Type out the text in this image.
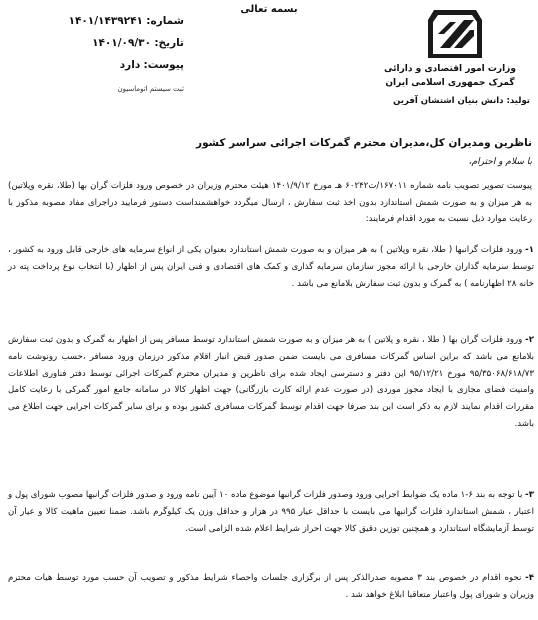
بسمه تعالی
شماره: ۱۴۰۱/۱۴۳۹۲۴۱
تاریخ: ۱۴۰۱/۰۹/۳۰
پیوست: دارد
ثبت سیستم اتوماسیون
وزارت امور اقتصادی و دارائی
گمرک جمهوری اسلامی ایران
تولید: دانش بنیان اشتشان آفرین
ناظرین ومدیران کل،مدیران محترم گمرکات اجرائی سراسر کشور
با سلام و احترام،
پیوست تصویر تصویب نامه شماره ۱۶۷۰۱۱/ت۶۰۲۴۲ هـ مورخ ۱۴۰۱/۹/۱۲ هیئت محترم وزیران در خصوص ورود فلزات گران بها (طلا، نقره وپلاتین) به هر میزان و به صورت شمش استاندارد بدون اخذ ثبت سفارش ، ارسال میگردد خواهشمنداست دستور فرمایید دراجرای مفاد مصوبه مذکور با رعایت موارد ذیل نسبت به مورد اقدام فرمایند:
۱- ورود فلزات گرانبها ( طلا، نقره وپلاتین ) به هر میزان و به صورت شمش استاندارد بعنوان یکی از انواع سرمایه های خارجی قابل ورود به کشور ، توسط سرمایه گذاران خارجی با ارائه مجوز سازمان سرمایه گذاری و کمک های اقتصادی و فنی ایران پس از اظهار (با انتخاب نوع پرداخت پته در خانه ۲۸ اظهارنامه ) به گمرک و بدون ثبت سفارش بلامانع می باشد .
۲- ورود فلزات گران بها ( طلا ، نقره و پلاتین ) به هر میزان و به صورت شمش استاندارد توسط مسافر پس از اظهار به گمرک و بدون ثبت سفارش بلامانع می باشد که براین اساس گمرکات مسافری می بایست ضمن صدور قبض انبار اقلام مذکور درزمان ورود مسافر ،حسب رونوشت نامه ۹۵/۳۵۰۶۸/۶۱۸/۷۳ مورخ ۹۵/۱۲/۲۱ این دفتر و دسترسی ایجاد شده برای ناظرین و مدیران محترم گمرکات اجرائی توسط دفتر فناوری اطلاعات وامنیت فضای مجازی با ایجاد مجوز موردی (در صورت عدم ارائه کارت بازرگانی) جهت اظهار کالا در سامانه جامع امور گمرکی با رعایت کامل مقررات اقدام نمایند لازم به ذکر است این بند صرفا جهت اقدام توسط گمرکات مسافری کشور بوده و برای سایر گمرکات اجرایی جهت اطلاع می باشد.
۳- با توجه به بند ۶-۱ ماده یک ضوابط اجرایی ورود وصدور فلزات گرانبها موضوع ماده ۱۰ آیین نامه ورود و صدور فلزات گرانبها مصوب شورای پول و اعتبار ، شمش استاندارد فلزات گرانبها می بایست با حداقل عیار ۹۹۵ در هزار و حداقل وزن یک کیلوگرم باشد. ضمنا تعیین ماهیت کالا و عیار آن توسط آزمایشگاه استاندارد و همچنین توزین دقیق کالا جهت احراز شرایط اعلام شده الزامی است.
۴- نحوه اقدام در خصوص بند ۳ مصوبه صدرالذکر پس از برگزاری جلسات واحصاء شرایط مذکور و تصویب آن حسب مورد توسط هیات محترم وزیران و شورای پول واعتبار متعاقبا ابلاغ خواهد شد .
